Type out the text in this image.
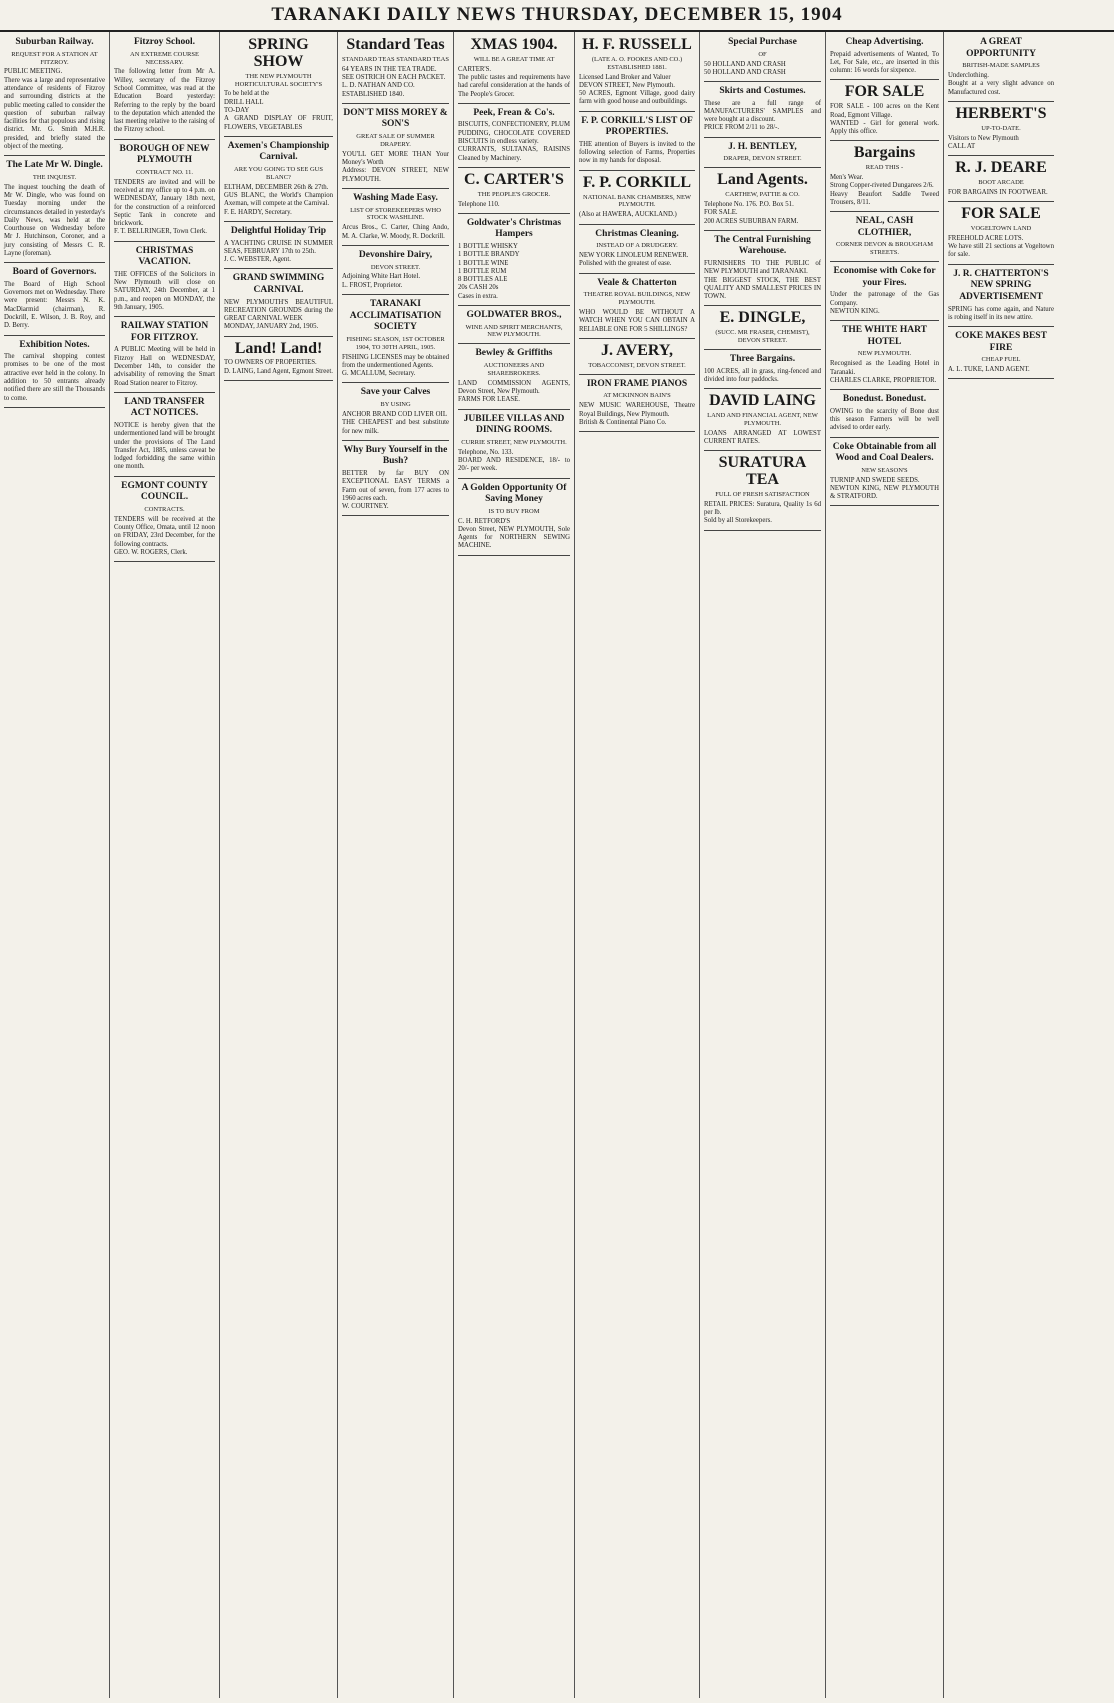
TARANAKI DAILY NEWS THURSDAY, DECEMBER 15, 1904
Suburban Railway.
REQUEST FOR A STATION AT FITZROY.
PUBLIC MEETING.
There was a large and representative attendance of residents of Fitzroy and surrounding districts at the public meeting called to consider the question of suburban railway facilities for that populous and rising district. Mr. G. Smith M.H.R. presided, and briefly stated the object of the meeting.
The Late Mr W. Dingle.
THE INQUEST.
The inquest touching the death of Mr W. Dingle, who was found on Tuesday morning under the circumstances detailed in yesterday's Daily News, was held at the Courthouse on Wednesday before Mr J. Hutchinson, Coroner, and a jury consisting of Messrs C. R. Layne (foreman).
Board of Governors.
The Board of High School Governors met on Wednesday. There were present: Messrs N. K. MacDiarmid (chairman), R. Dockrill, E. Wilson, J. B. Roy, and D. Berry.
Exhibition Notes.
The carnival shopping contest promises to be one of the most attractive ever held in the colony. In addition to 50 entrants already notified there are still the Thousands to come.
Fitzroy School.
AN EXTREME COURSE NECESSARY.
The following letter from Mr A. Willey, secretary of the Fitzroy School Committee, was read at the Education Board yesterday: Referring to the reply by the board to the deputation which attended the last meeting relative to the raising of the Fitzroy school.
BOROUGH OF NEW PLYMOUTH
CONTRACT NO. 11.
TENDERS are invited and will be received at my office up to 4 p.m. on WEDNESDAY, January 18th next, for the construction of a reinforced Septic Tank in concrete and brickwork.
F. T. BELLRINGER, Town Clerk.
CHRISTMAS VACATION.
THE OFFICES of the Solicitors in New Plymouth will close on SATURDAY, 24th December, at 1 p.m., and reopen on MONDAY, the 9th January, 1905.
RAILWAY STATION FOR FITZROY.
A PUBLIC Meeting will be held in Fitzroy Hall on WEDNESDAY, December 14th, to consider the advisability of removing the Smart Road Station nearer to Fitzroy.
LAND TRANSFER ACT NOTICES.
NOTICE is hereby given that the undermentioned land will be brought under the provisions of The Land Transfer Act, 1885, unless caveat be lodged forbidding the same within one month.
EGMONT COUNTY COUNCIL.
CONTRACTS.
TENDERS will be received at the County Office, Omata, until 12 noon on FRIDAY, 23rd December, for the following contracts.
GEO. W. ROGERS, Clerk.
SPRING SHOW
THE NEW PLYMOUTH HORTICULTURAL SOCIETY'S
To be held at the
DRILL HALL
TO-DAY
A GRAND DISPLAY OF FRUIT, FLOWERS, VEGETABLES
Axemen's Championship Carnival.
ARE YOU GOING TO SEE GUS BLANC?
ELTHAM, DECEMBER 26th & 27th.
GUS BLANC, the World's Champion Axeman, will compete at the Carnival.
F. E. HARDY, Secretary.
Delightful Holiday Trip
A YACHTING CRUISE IN SUMMER SEAS, FEBRUARY 17th to 25th.
J. C. WEBSTER, Agent.
GRAND SWIMMING CARNIVAL
NEW PLYMOUTH'S BEAUTIFUL RECREATION GROUNDS during the GREAT CARNIVAL WEEK
MONDAY, JANUARY 2nd, 1905.
Land! Land!
TO OWNERS OF PROPERTIES.
D. LAING, Land Agent, Egmont Street.
Standard Teas
STANDARD TEAS STANDARD TEAS
64 YEARS IN THE TEA TRADE.
SEE OSTRICH ON EACH PACKET.
L. D. NATHAN AND CO.
ESTABLISHED 1840.
DON'T MISS MOREY & SON'S
GREAT SALE OF SUMMER DRAPERY.
YOU'LL GET MORE THAN Your Money's Worth
Address: DEVON STREET, NEW PLYMOUTH.
Washing Made Easy.
LIST OF STOREKEEPERS WHO STOCK WASHLINE.
Arcus Bros., C. Carter, Ching Ando, M. A. Clarke, W. Moody, R. Dockrill.
Devonshire Dairy,
DEVON STREET.
Adjoining White Hart Hotel.
L. FROST, Proprietor.
TARANAKI ACCLIMATISATION SOCIETY
FISHING SEASON, 1ST OCTOBER 1904, TO 30TH APRIL, 1905.
FISHING LICENSES may be obtained from the undermentioned Agents.
G. MCALLUM, Secretary.
Save your Calves
BY USING
ANCHOR BRAND COD LIVER OIL
THE CHEAPEST and best substitute for new milk.
Why Bury Yourself in the Bush?
BETTER by far BUY ON EXCEPTIONAL EASY TERMS a Farm out of seven, from 177 acres to 1960 acres each.
W. COURTNEY.
XMAS 1904.
WILL BE A GREAT TIME AT
CARTER'S.
The public tastes and requirements have had careful consideration at the hands of The People's Grocer.
Peek, Frean & Co's.
BISCUITS, CONFECTIONERY, PLUM PUDDING, CHOCOLATE COVERED BISCUITS in endless variety.
CURRANTS, SULTANAS, RAISINS Cleaned by Machinery.
C. CARTER'S
THE PEOPLE'S GROCER.
Telephone 110.
Goldwater's Christmas Hampers
1 BOTTLE WHISKY
1 BOTTLE BRANDY
1 BOTTLE WINE
1 BOTTLE RUM
8 BOTTLES ALE
20s CASH 20s
Cases in extra.
GOLDWATER BROS.,
WINE AND SPIRIT MERCHANTS, NEW PLYMOUTH.
Bewley & Griffiths
AUCTIONEERS AND SHAREBROKERS.
LAND COMMISSION AGENTS, Devon Street, New Plymouth.
FARMS FOR LEASE.
JUBILEE VILLAS AND DINING ROOMS.
CURRIE STREET, NEW PLYMOUTH.
Telephone, No. 133.
BOARD AND RESIDENCE, 18/- to 20/- per week.
A Golden Opportunity Of Saving Money
IS TO BUY FROM
C. H. RETFORD'S
Devon Street, NEW PLYMOUTH, Sole Agents for NORTHERN SEWING MACHINE.
H. F. RUSSELL
(LATE A. O. FOOKES AND CO.) ESTABLISHED 1881.
Licensed Land Broker and Valuer
DEVON STREET, New Plymouth.
50 ACRES, Egmont Village, good dairy farm with good house and outbuildings.
F. P. CORKILL'S LIST OF PROPERTIES.
THE attention of Buyers is invited to the following selection of Farms, Properties now in my hands for disposal.
F. P. CORKILL
NATIONAL BANK CHAMBERS, NEW PLYMOUTH.
(Also at HAWERA, AUCKLAND.)
Christmas Cleaning.
INSTEAD OF A DRUDGERY.
NEW YORK LINOLEUM RENEWER.
Polished with the greatest of ease.
Veale & Chatterton
THEATRE ROYAL BUILDINGS, NEW PLYMOUTH.
WHO WOULD BE WITHOUT A WATCH WHEN YOU CAN OBTAIN A RELIABLE ONE FOR 5 SHILLINGS?
J. AVERY,
TOBACCONIST, DEVON STREET.
IRON FRAME PIANOS
AT MCKINNON BAIN'S
NEW MUSIC WAREHOUSE, Theatre Royal Buildings, New Plymouth.
British & Continental Piano Co.
Special Purchase
OF
50 HOLLAND AND CRASH
50 HOLLAND AND CRASH
Skirts and Costumes.
These are a full range of MANUFACTURERS' SAMPLES and were bought at a discount.
PRICE FROM 2/11 to 28/-.
J. H. BENTLEY,
DRAPER, DEVON STREET.
Land Agents.
CARTHEW, PATTIE & CO.
Telephone No. 176. P.O. Box 51.
FOR SALE.
200 ACRES SUBURBAN FARM.
The Central Furnishing Warehouse.
FURNISHERS TO THE PUBLIC of NEW PLYMOUTH and TARANAKI.
THE BIGGEST STOCK, THE BEST QUALITY AND SMALLEST PRICES IN TOWN.
E. DINGLE,
(SUCC. MR FRASER, CHEMIST), DEVON STREET.
Three Bargains.
100 ACRES, all in grass, ring-fenced and divided into four paddocks.
DAVID LAING
LAND AND FINANCIAL AGENT, NEW PLYMOUTH.
LOANS ARRANGED AT LOWEST CURRENT RATES.
SURATURA TEA
FULL OF FRESH SATISFACTION
RETAIL PRICES: Suratura, Quality 1s 6d per lb.
Sold by all Storekeepers.
Cheap Advertising.
Prepaid advertisements of Wanted, To Let, For Sale, etc., are inserted in this column: 16 words for sixpence.
FOR SALE
FOR SALE - 100 acres on the Kent Road, Egmont Village.
WANTED - Girl for general work. Apply this office.
Bargains
READ THIS -
Men's Wear.
Strong Copper-riveted Dungarees 2/6.
Heavy Beaufort Saddle Tweed Trousers, 8/11.
NEAL, CASH CLOTHIER,
CORNER DEVON & BROUGHAM STREETS.
Economise with Coke for your Fires.
Under the patronage of the Gas Company.
NEWTON KING.
THE WHITE HART HOTEL
NEW PLYMOUTH.
Recognised as the Leading Hotel in Taranaki.
CHARLES CLARKE, PROPRIETOR.
Bonedust. Bonedust.
OWING to the scarcity of Bone dust this season Farmers will be well advised to order early.
Coke Obtainable from all Wood and Coal Dealers.
NEW SEASON'S
TURNIP AND SWEDE SEEDS.
NEWTON KING, NEW PLYMOUTH & STRATFORD.
A GREAT OPPORTUNITY
BRITISH-MADE SAMPLES
Underclothing.
Bought at a very slight advance on Manufactured cost.
HERBERT'S
UP-TO-DATE.
Visitors to New Plymouth
CALL AT
R. J. DEARE
BOOT ARCADE
FOR BARGAINS IN FOOTWEAR.
FOR SALE
VOGELTOWN LAND
FREEHOLD ACRE LOTS.
We have still 21 sections at Vogeltown for sale.
J. R. CHATTERTON'S NEW SPRING ADVERTISEMENT
SPRING has come again, and Nature is robing itself in its new attire.
COKE MAKES BEST FIRE
CHEAP FUEL
A. L. TUKE, LAND AGENT.
